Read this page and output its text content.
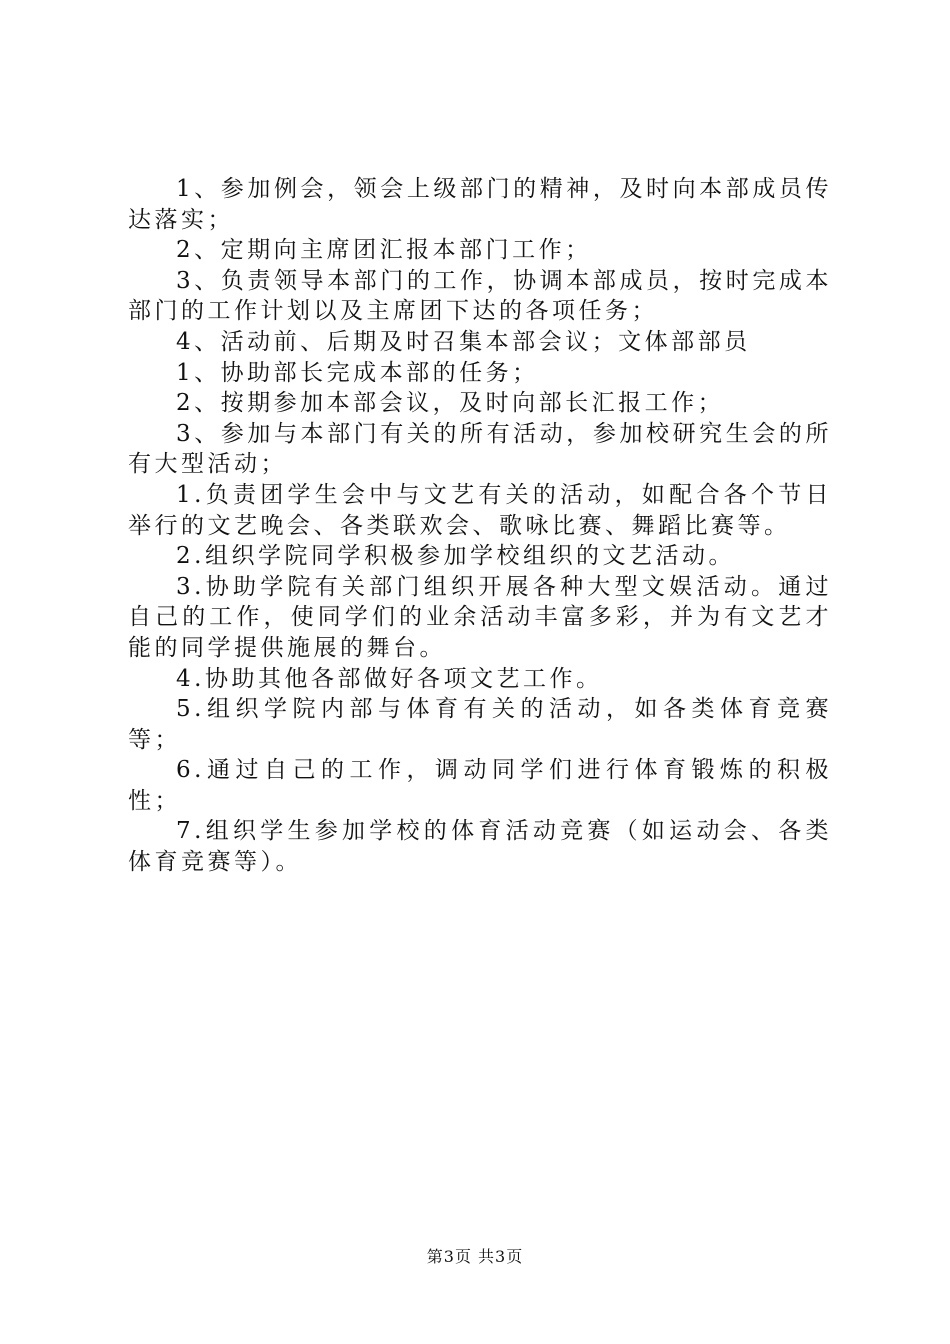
1、参加例会，领会上级部门的精神，及时向本部成员传达落实；

2、定期向主席团汇报本部门工作；

3、负责领导本部门的工作，协调本部成员，按时完成本部门的工作计划以及主席团下达的各项任务；

4、活动前、后期及时召集本部会议；文体部部员

1、协助部长完成本部的任务；

2、按期参加本部会议，及时向部长汇报工作；

3、参加与本部门有关的所有活动，参加校研究生会的所有大型活动；

1.负责团学生会中与文艺有关的活动，如配合各个节日举行的文艺晚会、各类联欢会、歌咏比赛、舞蹈比赛等。

2.组织学院同学积极参加学校组织的文艺活动。

3.协助学院有关部门组织开展各种大型文娱活动。通过自己的工作，使同学们的业余活动丰富多彩，并为有文艺才能的同学提供施展的舞台。

4.协助其他各部做好各项文艺工作。

5.组织学院内部与体育有关的活动，如各类体育竞赛等；

6.通过自己的工作，调动同学们进行体育锻炼的积极性；

7.组织学生参加学校的体育活动竞赛（如运动会、各类体育竞赛等）。

第3页 共3页
